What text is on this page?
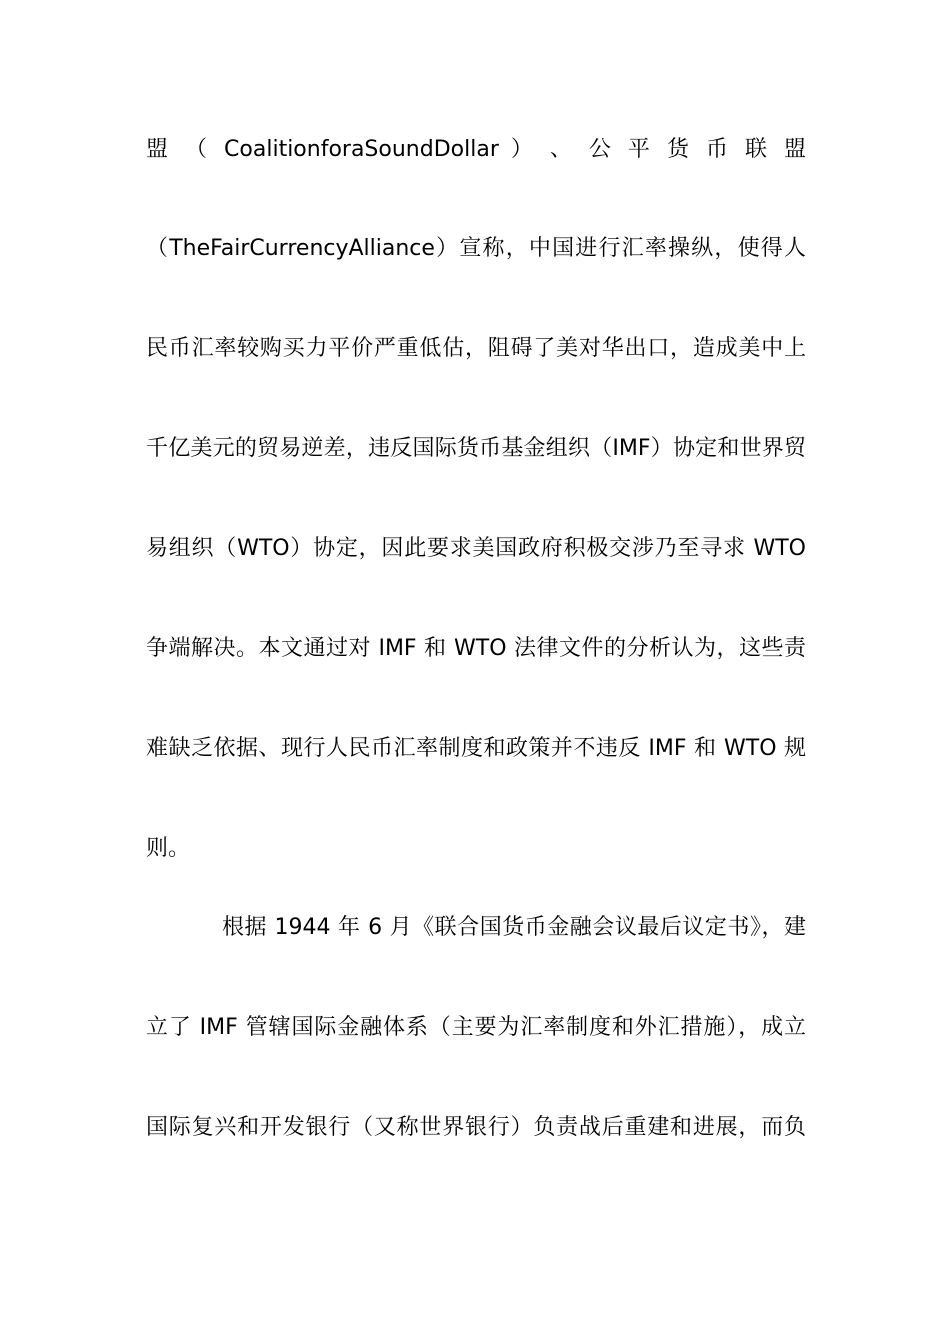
盟 （ CoalitionforaSoundDollar ） 、 公 平 货 币 联 盟
（TheFairCurrencyAlliance）宣称，中国进行汇率操纵，使得人
民币汇率较购买力平价严重低估，阻碍了美对华出口，造成美中上
千亿美元的贸易逆差，违反国际货币基金组织（IMF）协定和世界贸
易组织（WTO）协定，因此要求美国政府积极交涉乃至寻求 WTO
争端解决。本文通过对 IMF 和 WTO 法律文件的分析认为，这些责
难缺乏依据、现行人民币汇率制度和政策并不违反 IMF 和 WTO 规
则。
根据 1944 年 6 月《联合国货币金融会议最后议定书》，建
立了 IMF 管辖国际金融体系（主要为汇率制度和外汇措施），成立
国际复兴和开发银行（又称世界银行）负责战后重建和进展，而负
